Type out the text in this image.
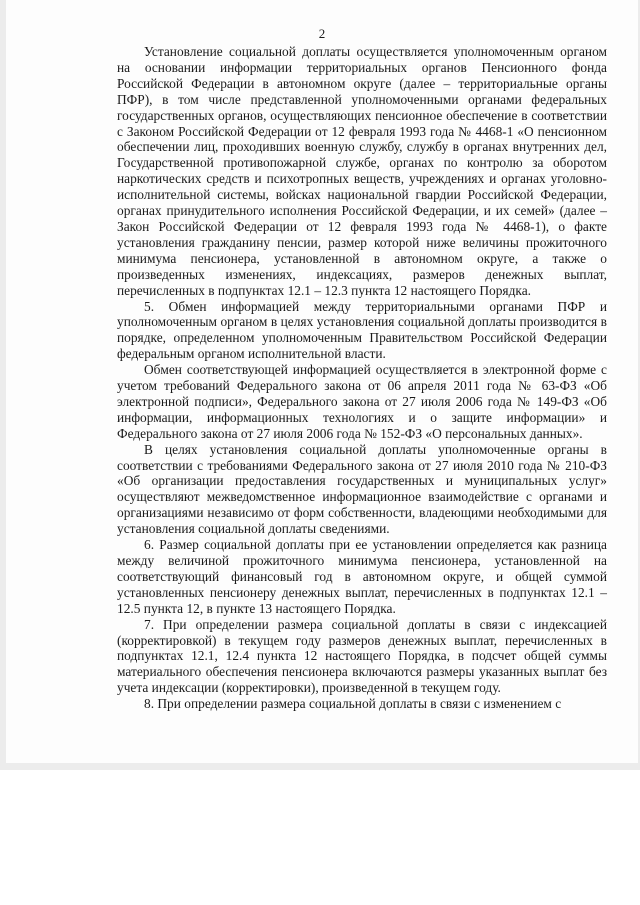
2

Установление социальной доплаты осуществляется уполномоченным органом на основании информации территориальных органов Пенсионного фонда Российской Федерации в автономном округе (далее – территориальные органы ПФР), в том числе представленной уполномоченными органами федеральных государственных органов, осуществляющих пенсионное обеспечение в соответствии с Законом Российской Федерации от 12 февраля 1993 года № 4468-1 «О пенсионном обеспечении лиц, проходивших военную службу, службу в органах внутренних дел, Государственной противопожарной службе, органах по контролю за оборотом наркотических средств и психотропных веществ, учреждениях и органах уголовно-исполнительной системы, войсках национальной гвардии Российской Федерации, органах принудительного исполнения Российской Федерации, и их семей» (далее – Закон Российской Федерации от 12 февраля 1993 года № 4468-1), о факте установления гражданину пенсии, размер которой ниже величины прожиточного минимума пенсионера, установленной в автономном округе, а также о произведенных изменениях, индексациях, размеров денежных выплат, перечисленных в подпунктах 12.1 – 12.3 пункта 12 настоящего Порядка.

5. Обмен информацией между территориальными органами ПФР и уполномоченным органом в целях установления социальной доплаты производится в порядке, определенном уполномоченным Правительством Российской Федерации федеральным органом исполнительной власти.

Обмен соответствующей информацией осуществляется в электронной форме с учетом требований Федерального закона от 06 апреля 2011 года № 63-ФЗ «Об электронной подписи», Федерального закона от 27 июля 2006 года № 149-ФЗ «Об информации, информационных технологиях и о защите информации» и Федерального закона от 27 июля 2006 года № 152-ФЗ «О персональных данных».

В целях установления социальной доплаты уполномоченные органы в соответствии с требованиями Федерального закона от 27 июля 2010 года № 210-ФЗ «Об организации предоставления государственных и муниципальных услуг» осуществляют межведомственное информационное взаимодействие с органами и организациями независимо от форм собственности, владеющими необходимыми для установления социальной доплаты сведениями.

6. Размер социальной доплаты при ее установлении определяется как разница между величиной прожиточного минимума пенсионера, установленной на соответствующий финансовый год в автономном округе, и общей суммой установленных пенсионеру денежных выплат, перечисленных в подпунктах 12.1 – 12.5 пункта 12, в пункте 13 настоящего Порядка.

7. При определении размера социальной доплаты в связи с индексацией (корректировкой) в текущем году размеров денежных выплат, перечисленных в подпунктах 12.1, 12.4 пункта 12 настоящего Порядка, в подсчет общей суммы материального обеспечения пенсионера включаются размеры указанных выплат без учета индексации (корректировки), произведенной в текущем году.

8. При определении размера социальной доплаты в связи с изменением с
